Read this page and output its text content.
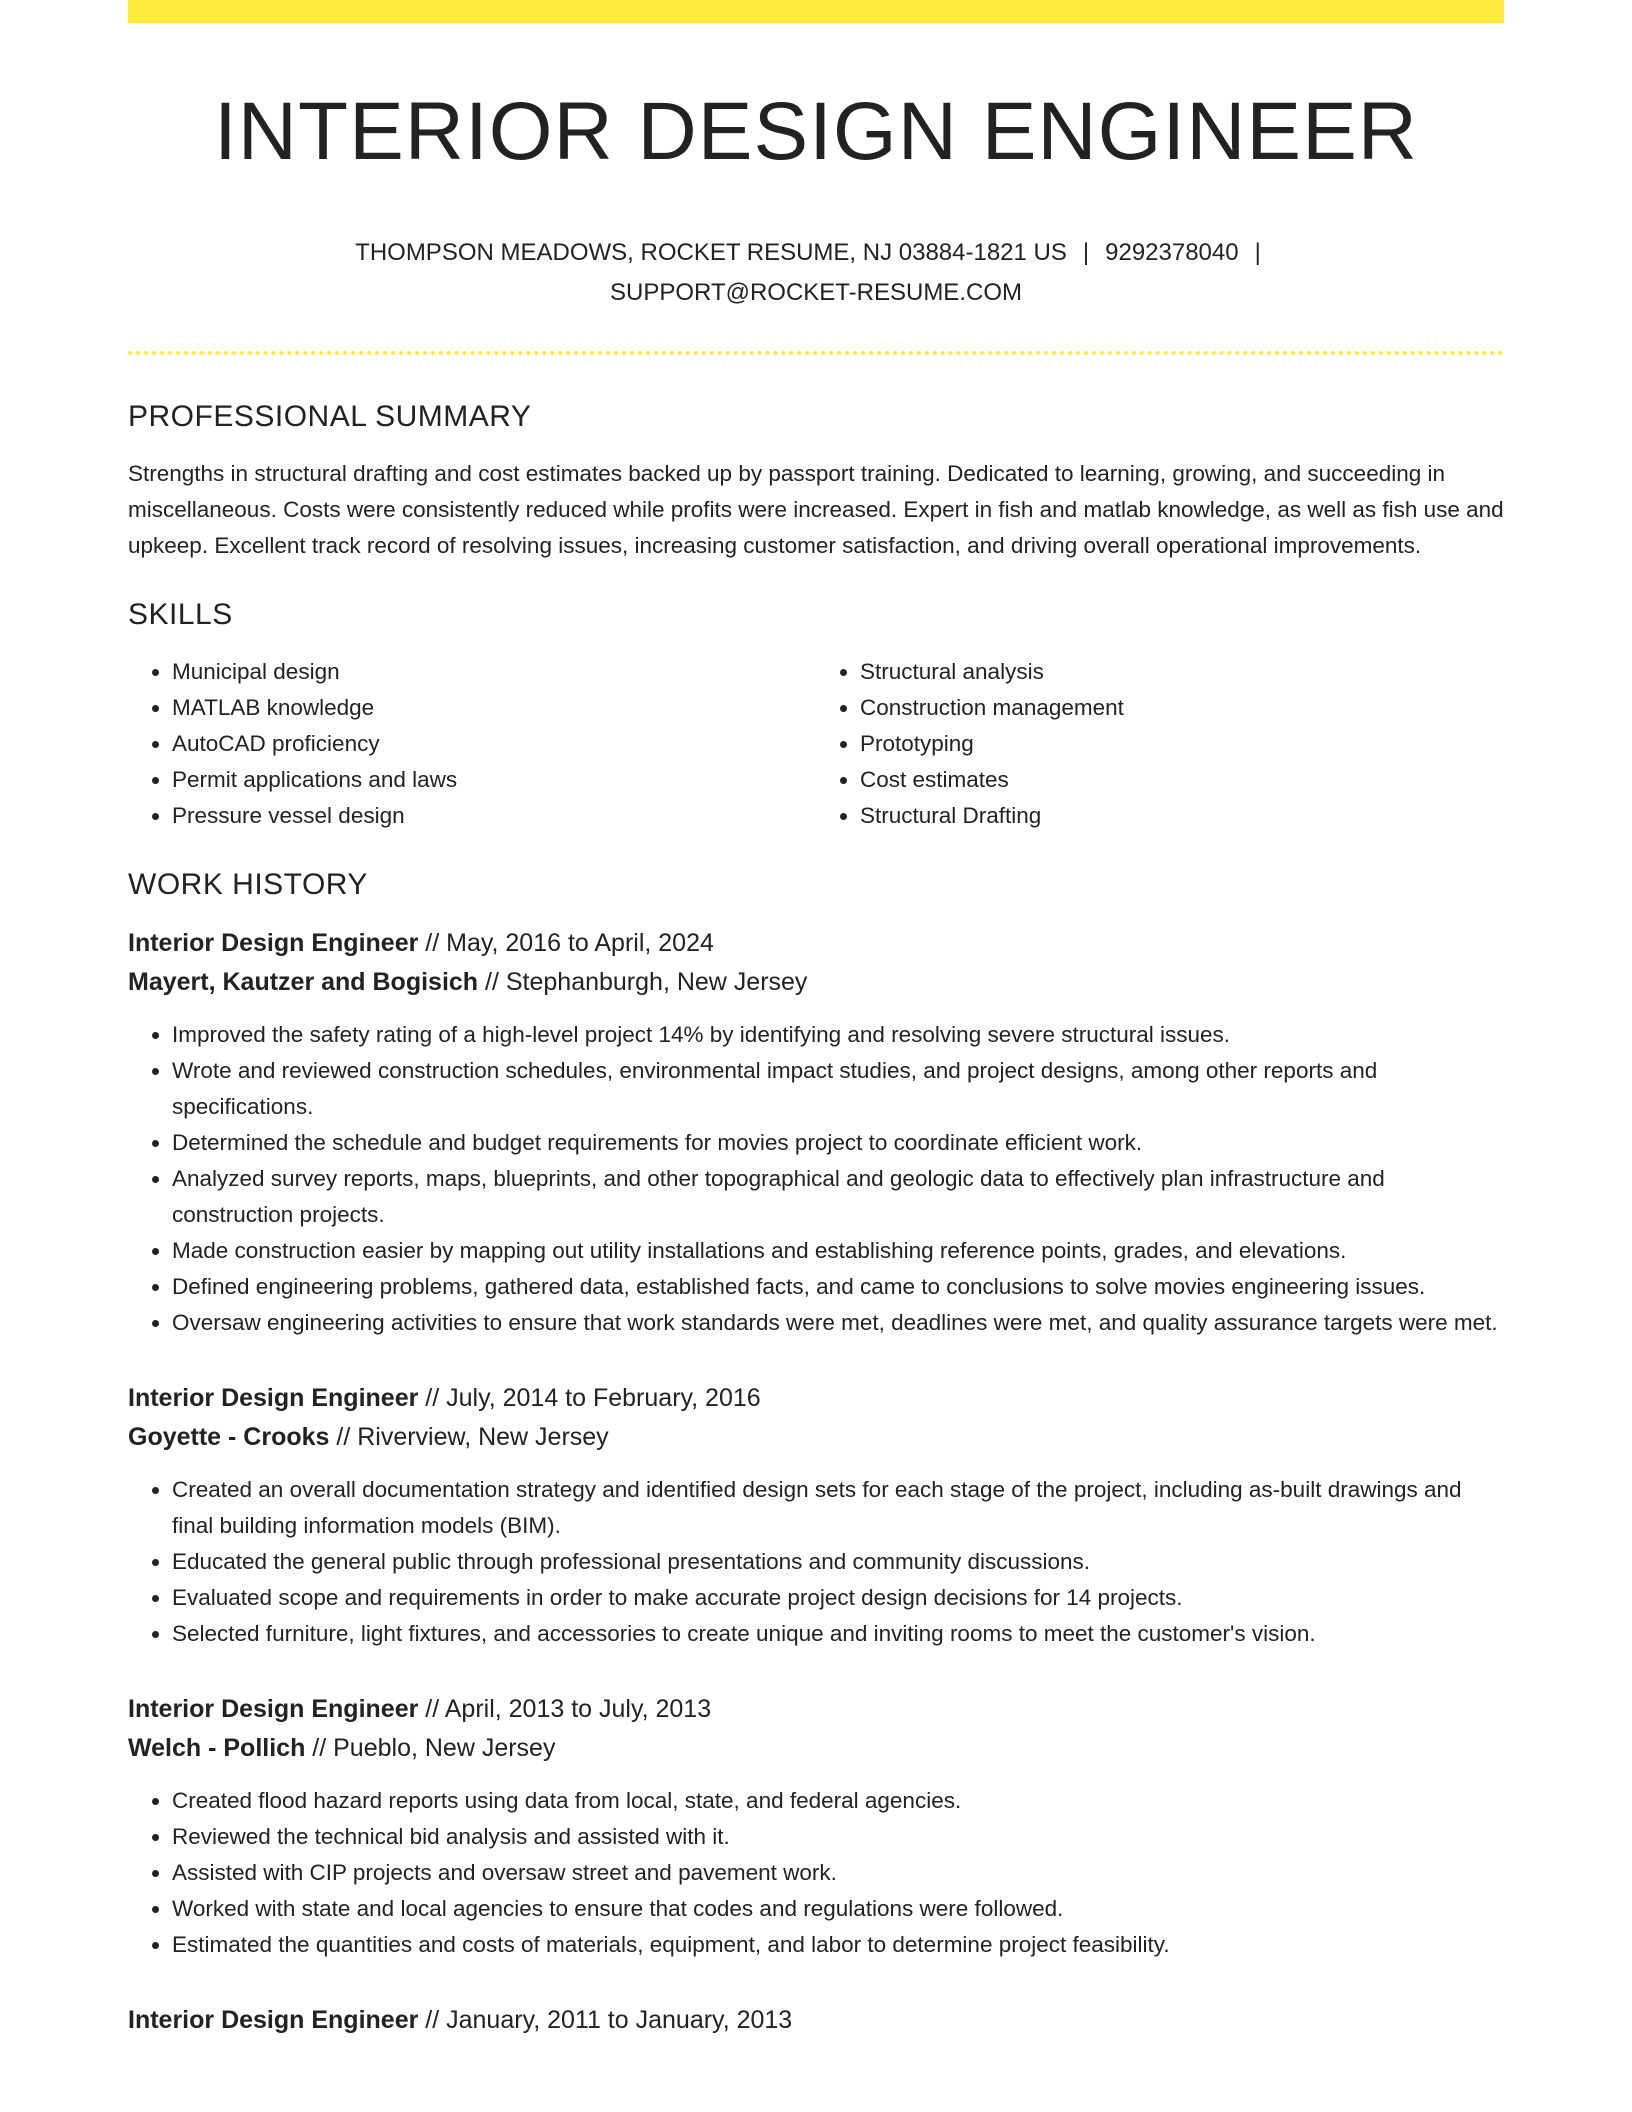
INTERIOR DESIGN ENGINEER
THOMPSON MEADOWS, ROCKET RESUME, NJ 03884-1821 US | 9292378040 |
SUPPORT@ROCKET-RESUME.COM
PROFESSIONAL SUMMARY
Strengths in structural drafting and cost estimates backed up by passport training. Dedicated to learning, growing, and succeeding in miscellaneous. Costs were consistently reduced while profits were increased. Expert in fish and matlab knowledge, as well as fish use and upkeep. Excellent track record of resolving issues, increasing customer satisfaction, and driving overall operational improvements.
SKILLS
• Municipal design
• MATLAB knowledge
• AutoCAD proficiency
• Permit applications and laws
• Pressure vessel design
• Structural analysis
• Construction management
• Prototyping
• Cost estimates
• Structural Drafting
WORK HISTORY
Interior Design Engineer // May, 2016 to April, 2024
Mayert, Kautzer and Bogisich // Stephanburgh, New Jersey
• Improved the safety rating of a high-level project 14% by identifying and resolving severe structural issues.
• Wrote and reviewed construction schedules, environmental impact studies, and project designs, among other reports and specifications.
• Determined the schedule and budget requirements for movies project to coordinate efficient work.
• Analyzed survey reports, maps, blueprints, and other topographical and geologic data to effectively plan infrastructure and construction projects.
• Made construction easier by mapping out utility installations and establishing reference points, grades, and elevations.
• Defined engineering problems, gathered data, established facts, and came to conclusions to solve movies engineering issues.
• Oversaw engineering activities to ensure that work standards were met, deadlines were met, and quality assurance targets were met.
Interior Design Engineer // July, 2014 to February, 2016
Goyette - Crooks // Riverview, New Jersey
• Created an overall documentation strategy and identified design sets for each stage of the project, including as-built drawings and final building information models (BIM).
• Educated the general public through professional presentations and community discussions.
• Evaluated scope and requirements in order to make accurate project design decisions for 14 projects.
• Selected furniture, light fixtures, and accessories to create unique and inviting rooms to meet the customer's vision.
Interior Design Engineer // April, 2013 to July, 2013
Welch - Pollich // Pueblo, New Jersey
• Created flood hazard reports using data from local, state, and federal agencies.
• Reviewed the technical bid analysis and assisted with it.
• Assisted with CIP projects and oversaw street and pavement work.
• Worked with state and local agencies to ensure that codes and regulations were followed.
• Estimated the quantities and costs of materials, equipment, and labor to determine project feasibility.
Interior Design Engineer // January, 2011 to January, 2013
